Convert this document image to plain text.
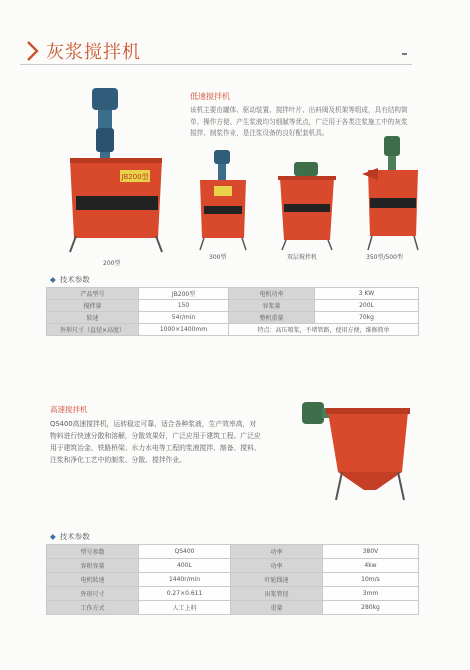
灰浆搅拌机
低速搅拌机
该机主要由罐体、驱动装置、搅拌叶片、出料阀及机架等组成，具有结构简单、操作方便、产生浆液均匀细腻等优点，广泛用于各类注浆施工中的灰浆搅拌、制浆作业，是注浆设备的良好配套机具。
JB200型
200型
300型	双层搅拌机	350型/500型
◆ 技术参数
产品型号	JB200型	电机功率	3 KW
搅拌量	150	容浆量	200L
转速	54r/min	整机重量	70kg
外形尺寸（直径×高度）	1000×1400mm	特点：高压喷浆，不堵管路，使用方便，维修简单	
高速搅拌机
QS400高速搅拌机，运转稳定可靠，适合各种浆液，生产效率高，对物料进行快速分散和溶解，分散效果好，广泛应用于建筑工程。广泛应用于建筑冶金、铁路桥梁、水力水电等工程的浆液搅拌、制备、搅料、注浆和净化工艺中的制浆、分散、搅拌作业。
◆ 技术参数
型号参数	QS400	功率	380V
容积容量	400L	功率	4kw
电机转速	1440r/min	叶轮线速	10m/s
外形尺寸	0.27×0.611	出浆管径	3mm
工作方式	人工上料	重量	280kg
